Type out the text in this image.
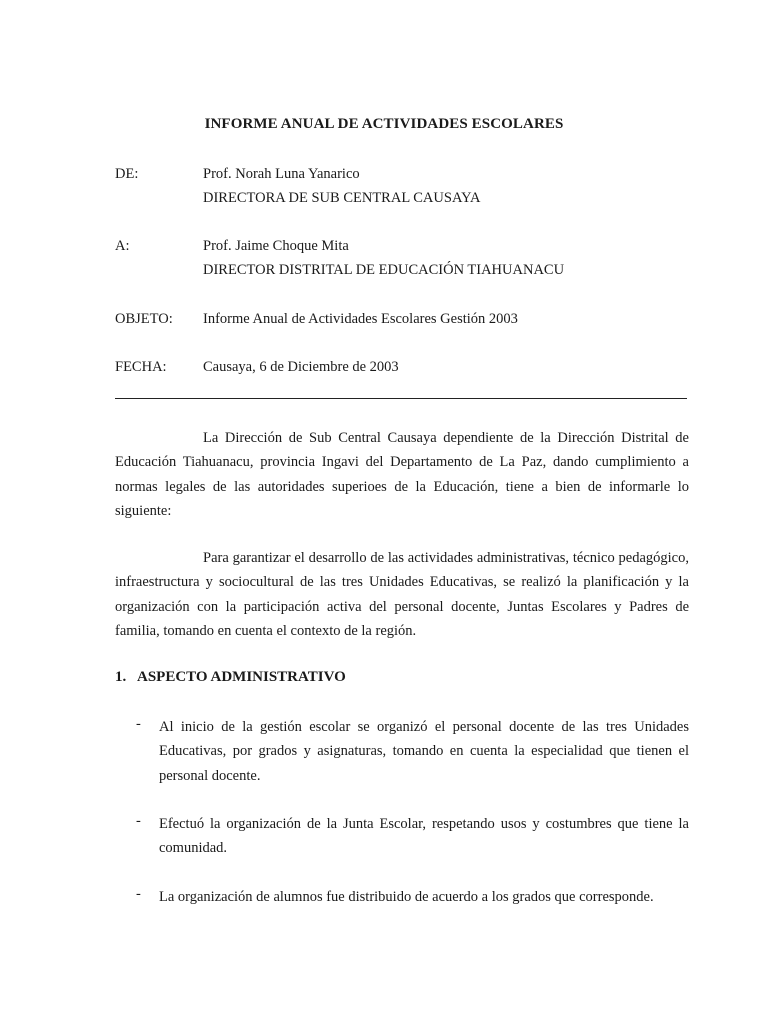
INFORME ANUAL DE ACTIVIDADES ESCOLARES
DE:	Prof. Norah Luna Yanarico
DIRECTORA DE SUB CENTRAL CAUSAYA
A:	Prof. Jaime Choque Mita
DIRECTOR DISTRITAL DE EDUCACIÓN TIAHUANACU
OBJETO: Informe Anual de Actividades Escolares Gestión 2003
FECHA:	Causaya, 6 de Diciembre de 2003

La Dirección de Sub Central Causaya dependiente de la Dirección Distrital de Educación Tiahuanacu, provincia Ingavi del Departamento de La Paz, dando cumplimiento a normas legales de las autoridades superioes de la Educación, tiene a bien de informarle lo siguiente:

Para garantizar el desarrollo de las actividades administrativas, técnico pedagógico, infraestructura y sociocultural de las tres Unidades Educativas, se realizó la planificación y la organización con la participación activa del personal docente, Juntas Escolares y Padres de familia, tomando en cuenta el contexto de la región.

1. ASPECTO ADMINISTRATIVO
- Al inicio de la gestión escolar se organizó el personal docente de las tres Unidades Educativas, por grados y asignaturas, tomando en cuenta la especialidad que tienen el personal docente.

- Efectuó la organización de la Junta Escolar, respetando usos y costumbres que tiene la comunidad.

- La organización de alumnos fue distribuido de acuerdo a los grados que corresponde.
